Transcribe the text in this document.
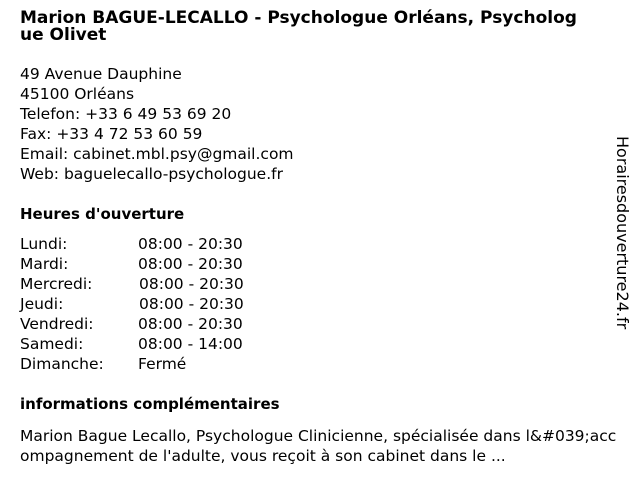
Marion BAGUE-LECALLO - Psychologue Orléans, Psychologue Olivet
49 Avenue Dauphine
45100 Orléans
Telefon: +33 6 49 53 69 20
Fax: +33 4 72 53 60 59
Email: cabinet.mbl.psy@gmail.com
Web: baguelecallo-psychologue.fr
Heures d'ouverture
Lundi:	08:00 - 20:30
Mardi:	08:00 - 20:30
Mercredi:	08:00 - 20:30
Jeudi:	08:00 - 20:30
Vendredi:	08:00 - 20:30
Samedi:	08:00 - 14:00
Dimanche: Fermé
informations complémentaires
Marion Bague Lecallo, Psychologue Clinicienne, spécialisée dans l&#039;accompagnement de l'adulte, vous reçoit à son cabinet dans le ...
Horairesdouverture24.fr
